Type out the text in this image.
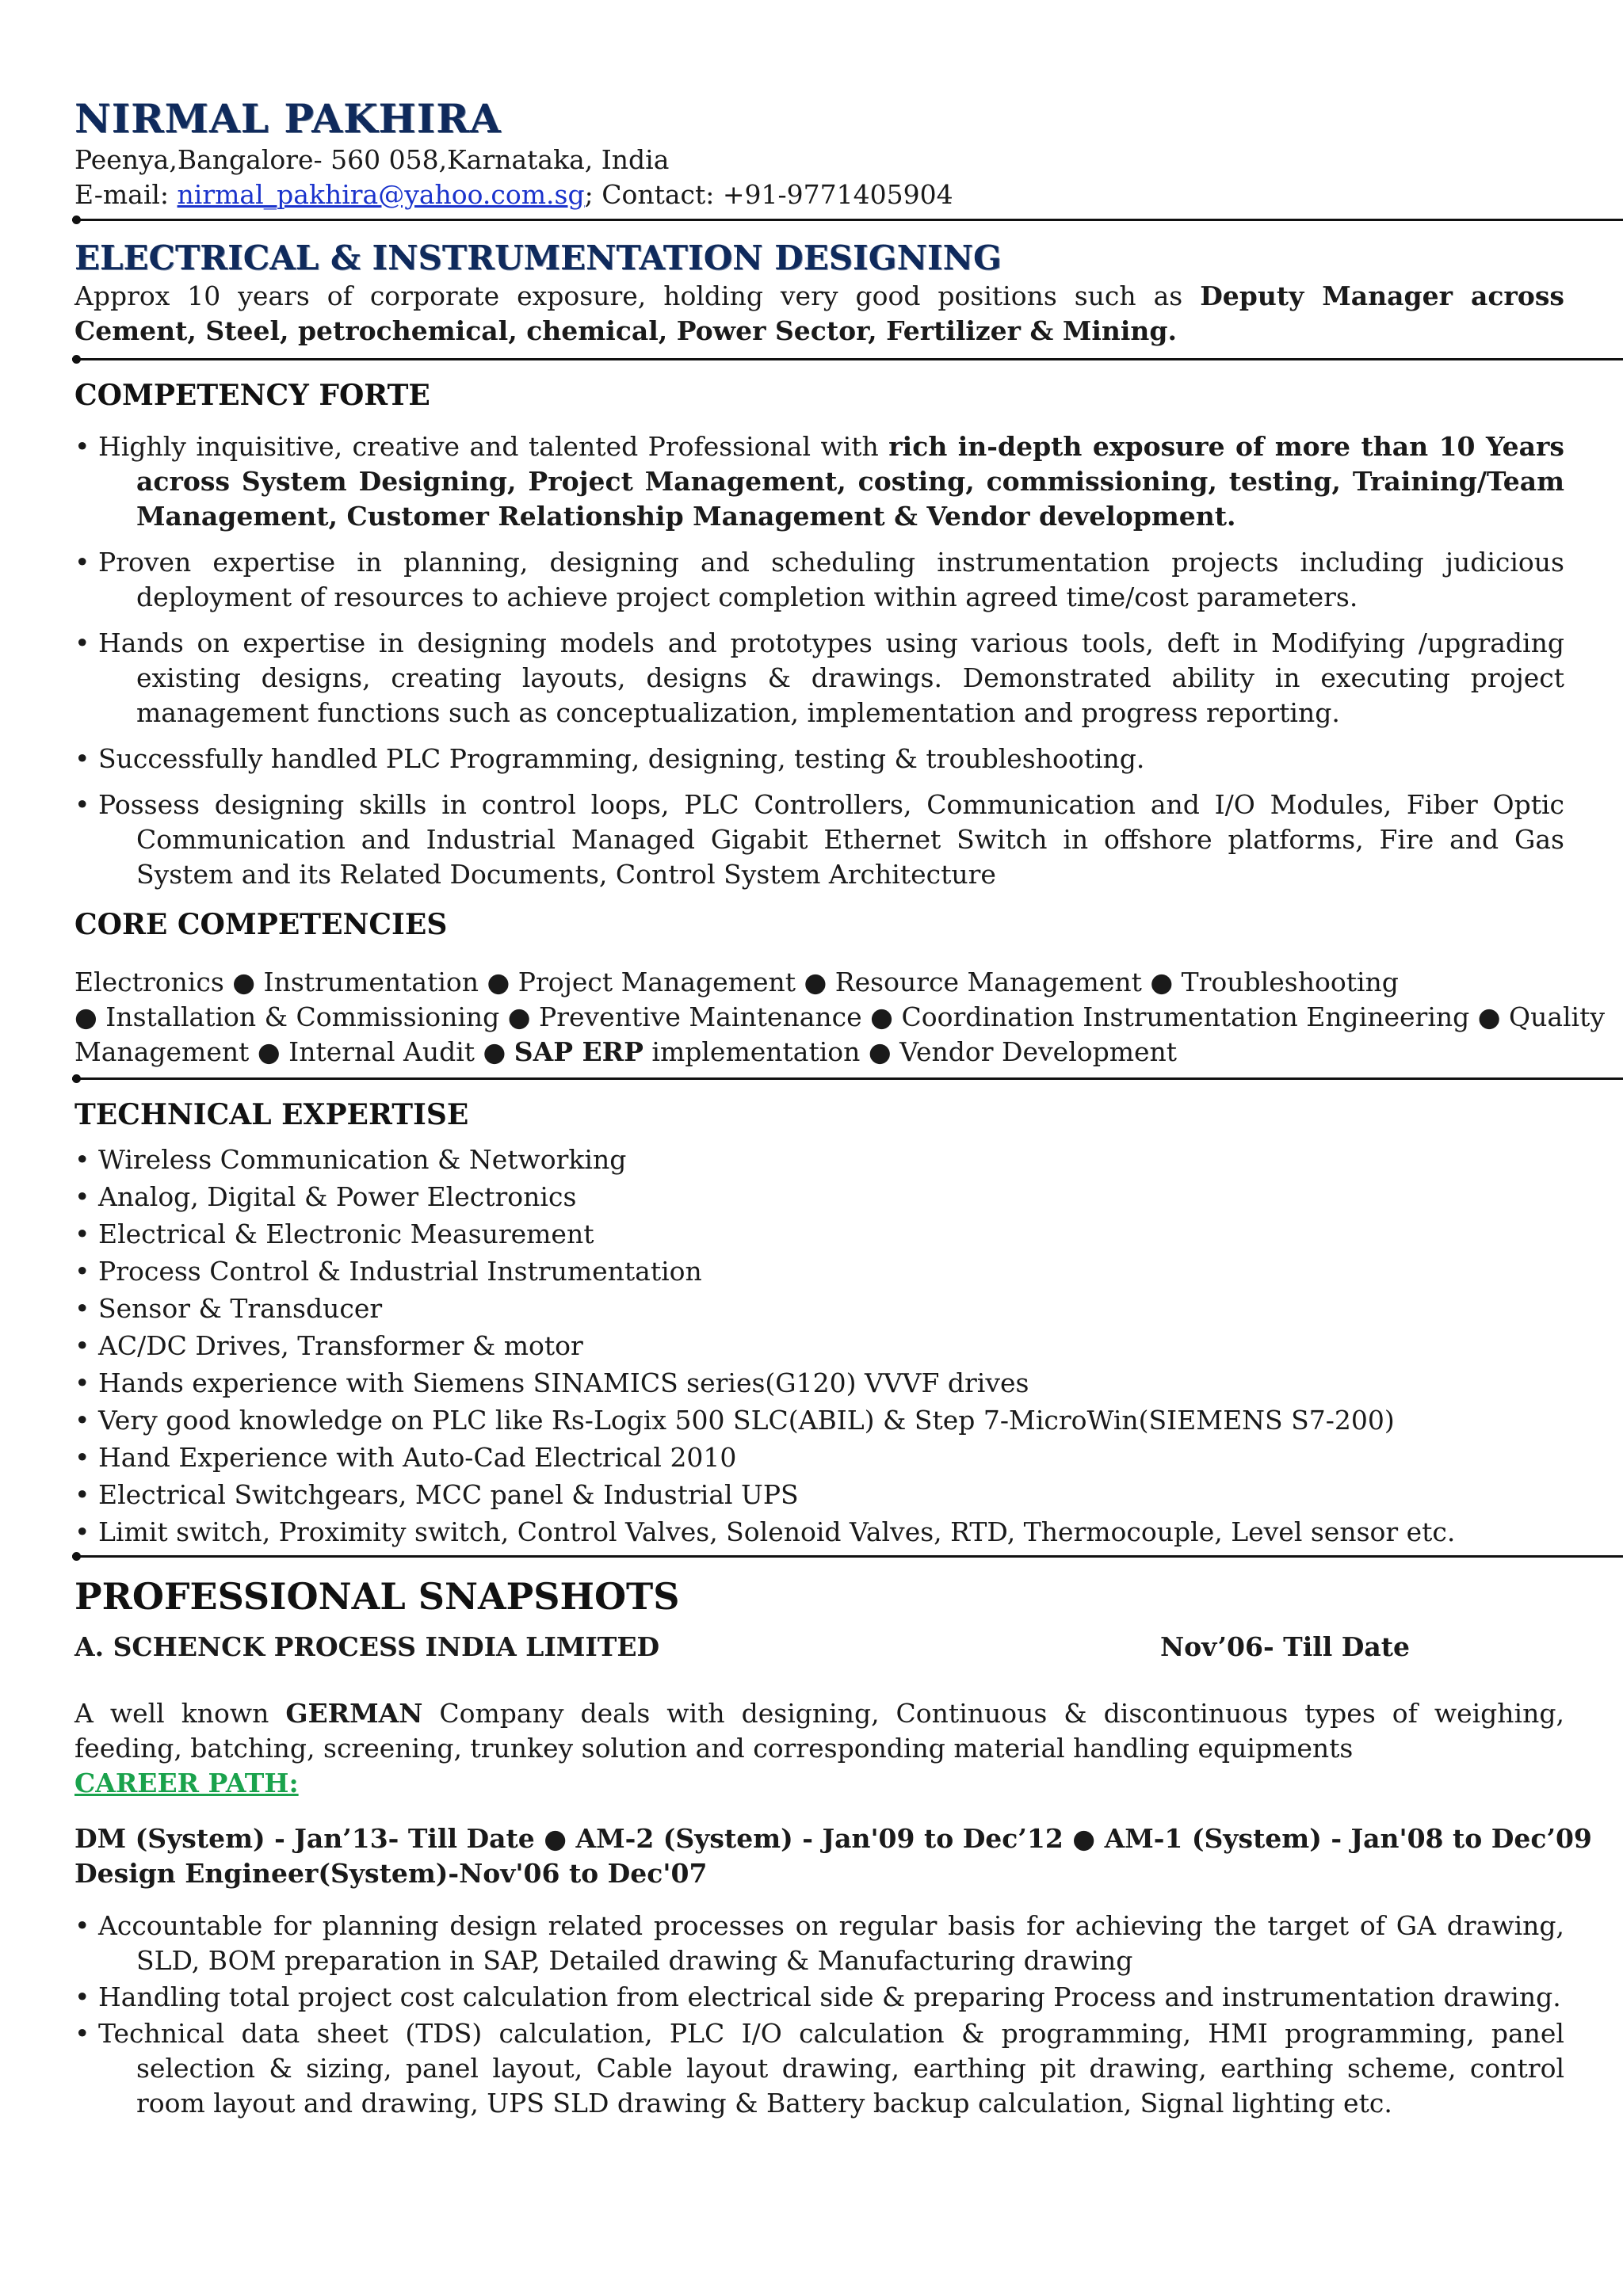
NIRMAL PAKHIRA

Peenya,Bangalore- 560 058,Karnataka, India

E-mail: nirmal_pakhira@yahoo.com.sg; Contact: +91-9771405904

ELECTRICAL & INSTRUMENTATION DESIGNING

Approx 10 years of corporate exposure, holding very good positions such as Deputy Manager across Cement, Steel, petrochemical, chemical, Power Sector, Fertilizer & Mining.

COMPETENCY FORTE
• Highly inquisitive, creative and talented Professional with rich in-depth exposure of more than 10 Years across System Designing, Project Management, costing, commissioning, testing, Training/Team Management, Customer Relationship Management & Vendor development.
• Proven expertise in planning, designing and scheduling instrumentation projects including judicious deployment of resources to achieve project completion within agreed time/cost parameters.
• Hands on expertise in designing models and prototypes using various tools, deft in Modifying /upgrading existing designs, creating layouts, designs & drawings. Demonstrated ability in executing project management functions such as conceptualization, implementation and progress reporting.
• Successfully handled PLC Programming, designing, testing & troubleshooting.
• Possess designing skills in control loops, PLC Controllers, Communication and I/O Modules, Fiber Optic Communication and Industrial Managed Gigabit Ethernet Switch in offshore platforms, Fire and Gas System and its Related Documents, Control System Architecture
CORE COMPETENCIES

Electronics ● Instrumentation ● Project Management ● Resource Management ● Troubleshooting

● Installation & Commissioning ● Preventive Maintenance ● Coordination Instrumentation Engineering ● Quality

Management ● Internal Audit ● SAP ERP implementation ● Vendor Development

TECHNICAL EXPERTISE
• Wireless Communication & Networking
• Analog, Digital & Power Electronics
• Electrical & Electronic Measurement
• Process Control & Industrial Instrumentation
• Sensor & Transducer
• AC/DC Drives, Transformer & motor
• Hands experience with Siemens SINAMICS series(G120) VVVF drives
• Very good knowledge on PLC like Rs-Logix 500 SLC(ABIL) & Step 7-MicroWin(SIEMENS S7-200)
• Hand Experience with Auto-Cad Electrical 2010
• Electrical Switchgears, MCC panel & Industrial UPS
• Limit switch, Proximity switch, Control Valves, Solenoid Valves, RTD, Thermocouple, Level sensor etc.
PROFESSIONAL SNAPSHOTS
A. SCHENCK PROCESS INDIA LIMITED	Nov’06- Till Date

A well known GERMAN Company deals with designing, Continuous & discontinuous types of weighing, feeding, batching, screening, trunkey solution and corresponding material handling equipments

CAREER PATH:

DM (System) - Jan’13- Till Date ● AM-2 (System) - Jan'09 to Dec’12 ● AM-1 (System) - Jan'08 to Dec’09

Design Engineer(System)-Nov'06 to Dec'07

• Accountable for planning design related processes on regular basis for achieving the target of GA drawing, SLD, BOM preparation in SAP, Detailed drawing & Manufacturing drawing
• Handling total project cost calculation from electrical side & preparing Process and instrumentation drawing.
• Technical data sheet (TDS) calculation, PLC I/O calculation & programming, HMI programming, panel selection & sizing, panel layout, Cable layout drawing, earthing pit drawing, earthing scheme, control room layout and drawing, UPS SLD drawing & Battery backup calculation, Signal lighting etc.
